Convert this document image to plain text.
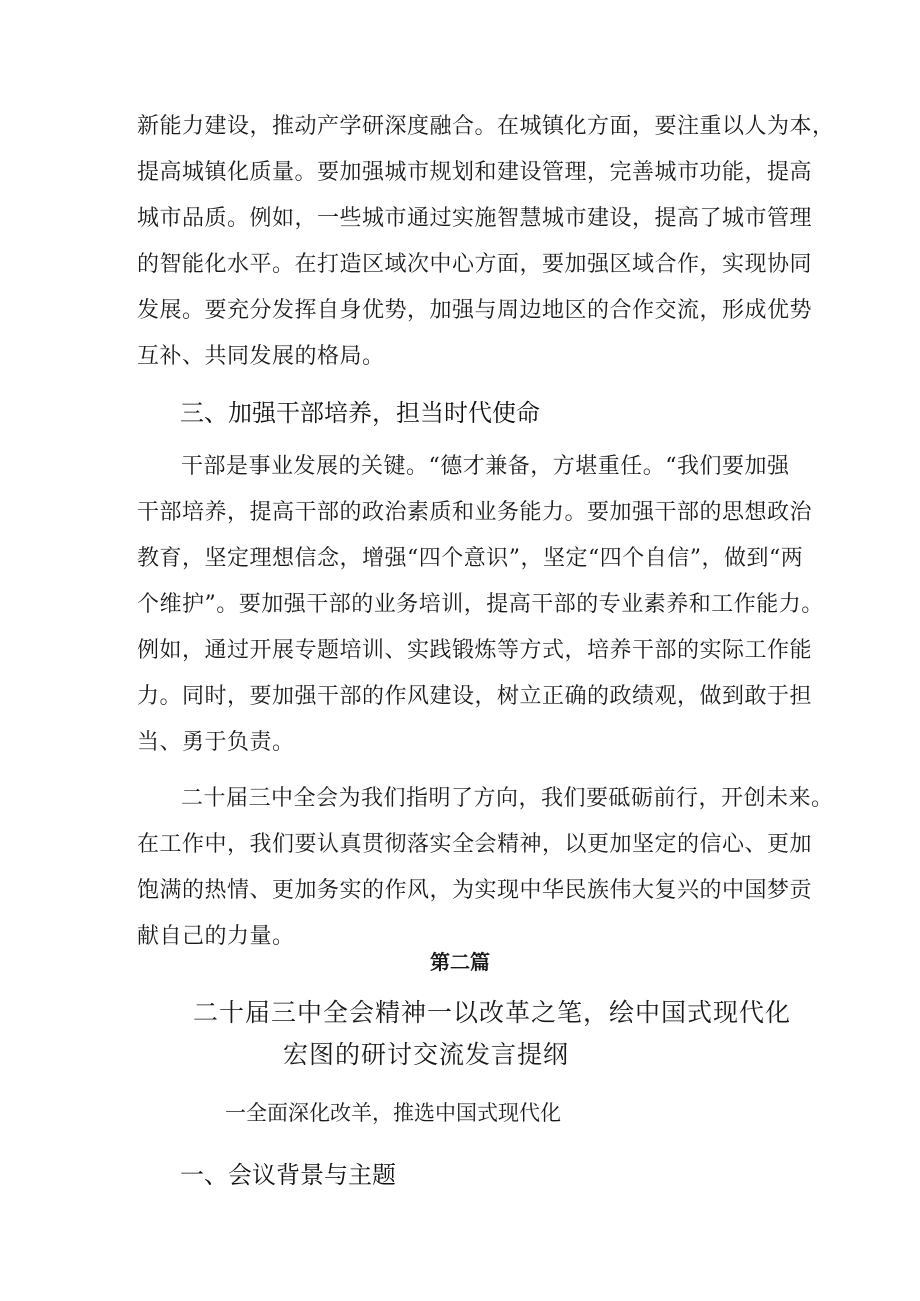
新能力建设，推动产学研深度融合。在城镇化方面，要注重以人为本，
提高城镇化质量。要加强城市规划和建设管理，完善城市功能，提高
城市品质。例如，一些城市通过实施智慧城市建设，提高了城市管理
的智能化水平。在打造区域次中心方面，要加强区域合作，实现协同
发展。要充分发挥自身优势，加强与周边地区的合作交流，形成优势
互补、共同发展的格局。
三、加强干部培养，担当时代使命
干部是事业发展的关键。“德才兼备，方堪重任。“我们要加强
干部培养，提高干部的政治素质和业务能力。要加强干部的思想政治
教育，坚定理想信念，增强“四个意识”，坚定“四个自信”，做到“两
个维护”。要加强干部的业务培训，提高干部的专业素养和工作能力。
例如，通过开展专题培训、实践锻炼等方式，培养干部的实际工作能
力。同时，要加强干部的作风建设，树立正确的政绩观，做到敢于担
当、勇于负责。
二十届三中全会为我们指明了方向，我们要砥砺前行，开创未来。
在工作中，我们要认真贯彻落实全会精神，以更加坚定的信心、更加
饱满的热情、更加务实的作风，为实现中华民族伟大复兴的中国梦贡
献自己的力量。
第二篇
二十届三中全会精神一以改革之笔，绘中国式现代化
宏图的研讨交流发言提纲
一全面深化改羊，推选中国式现代化
一、会议背景与主题
